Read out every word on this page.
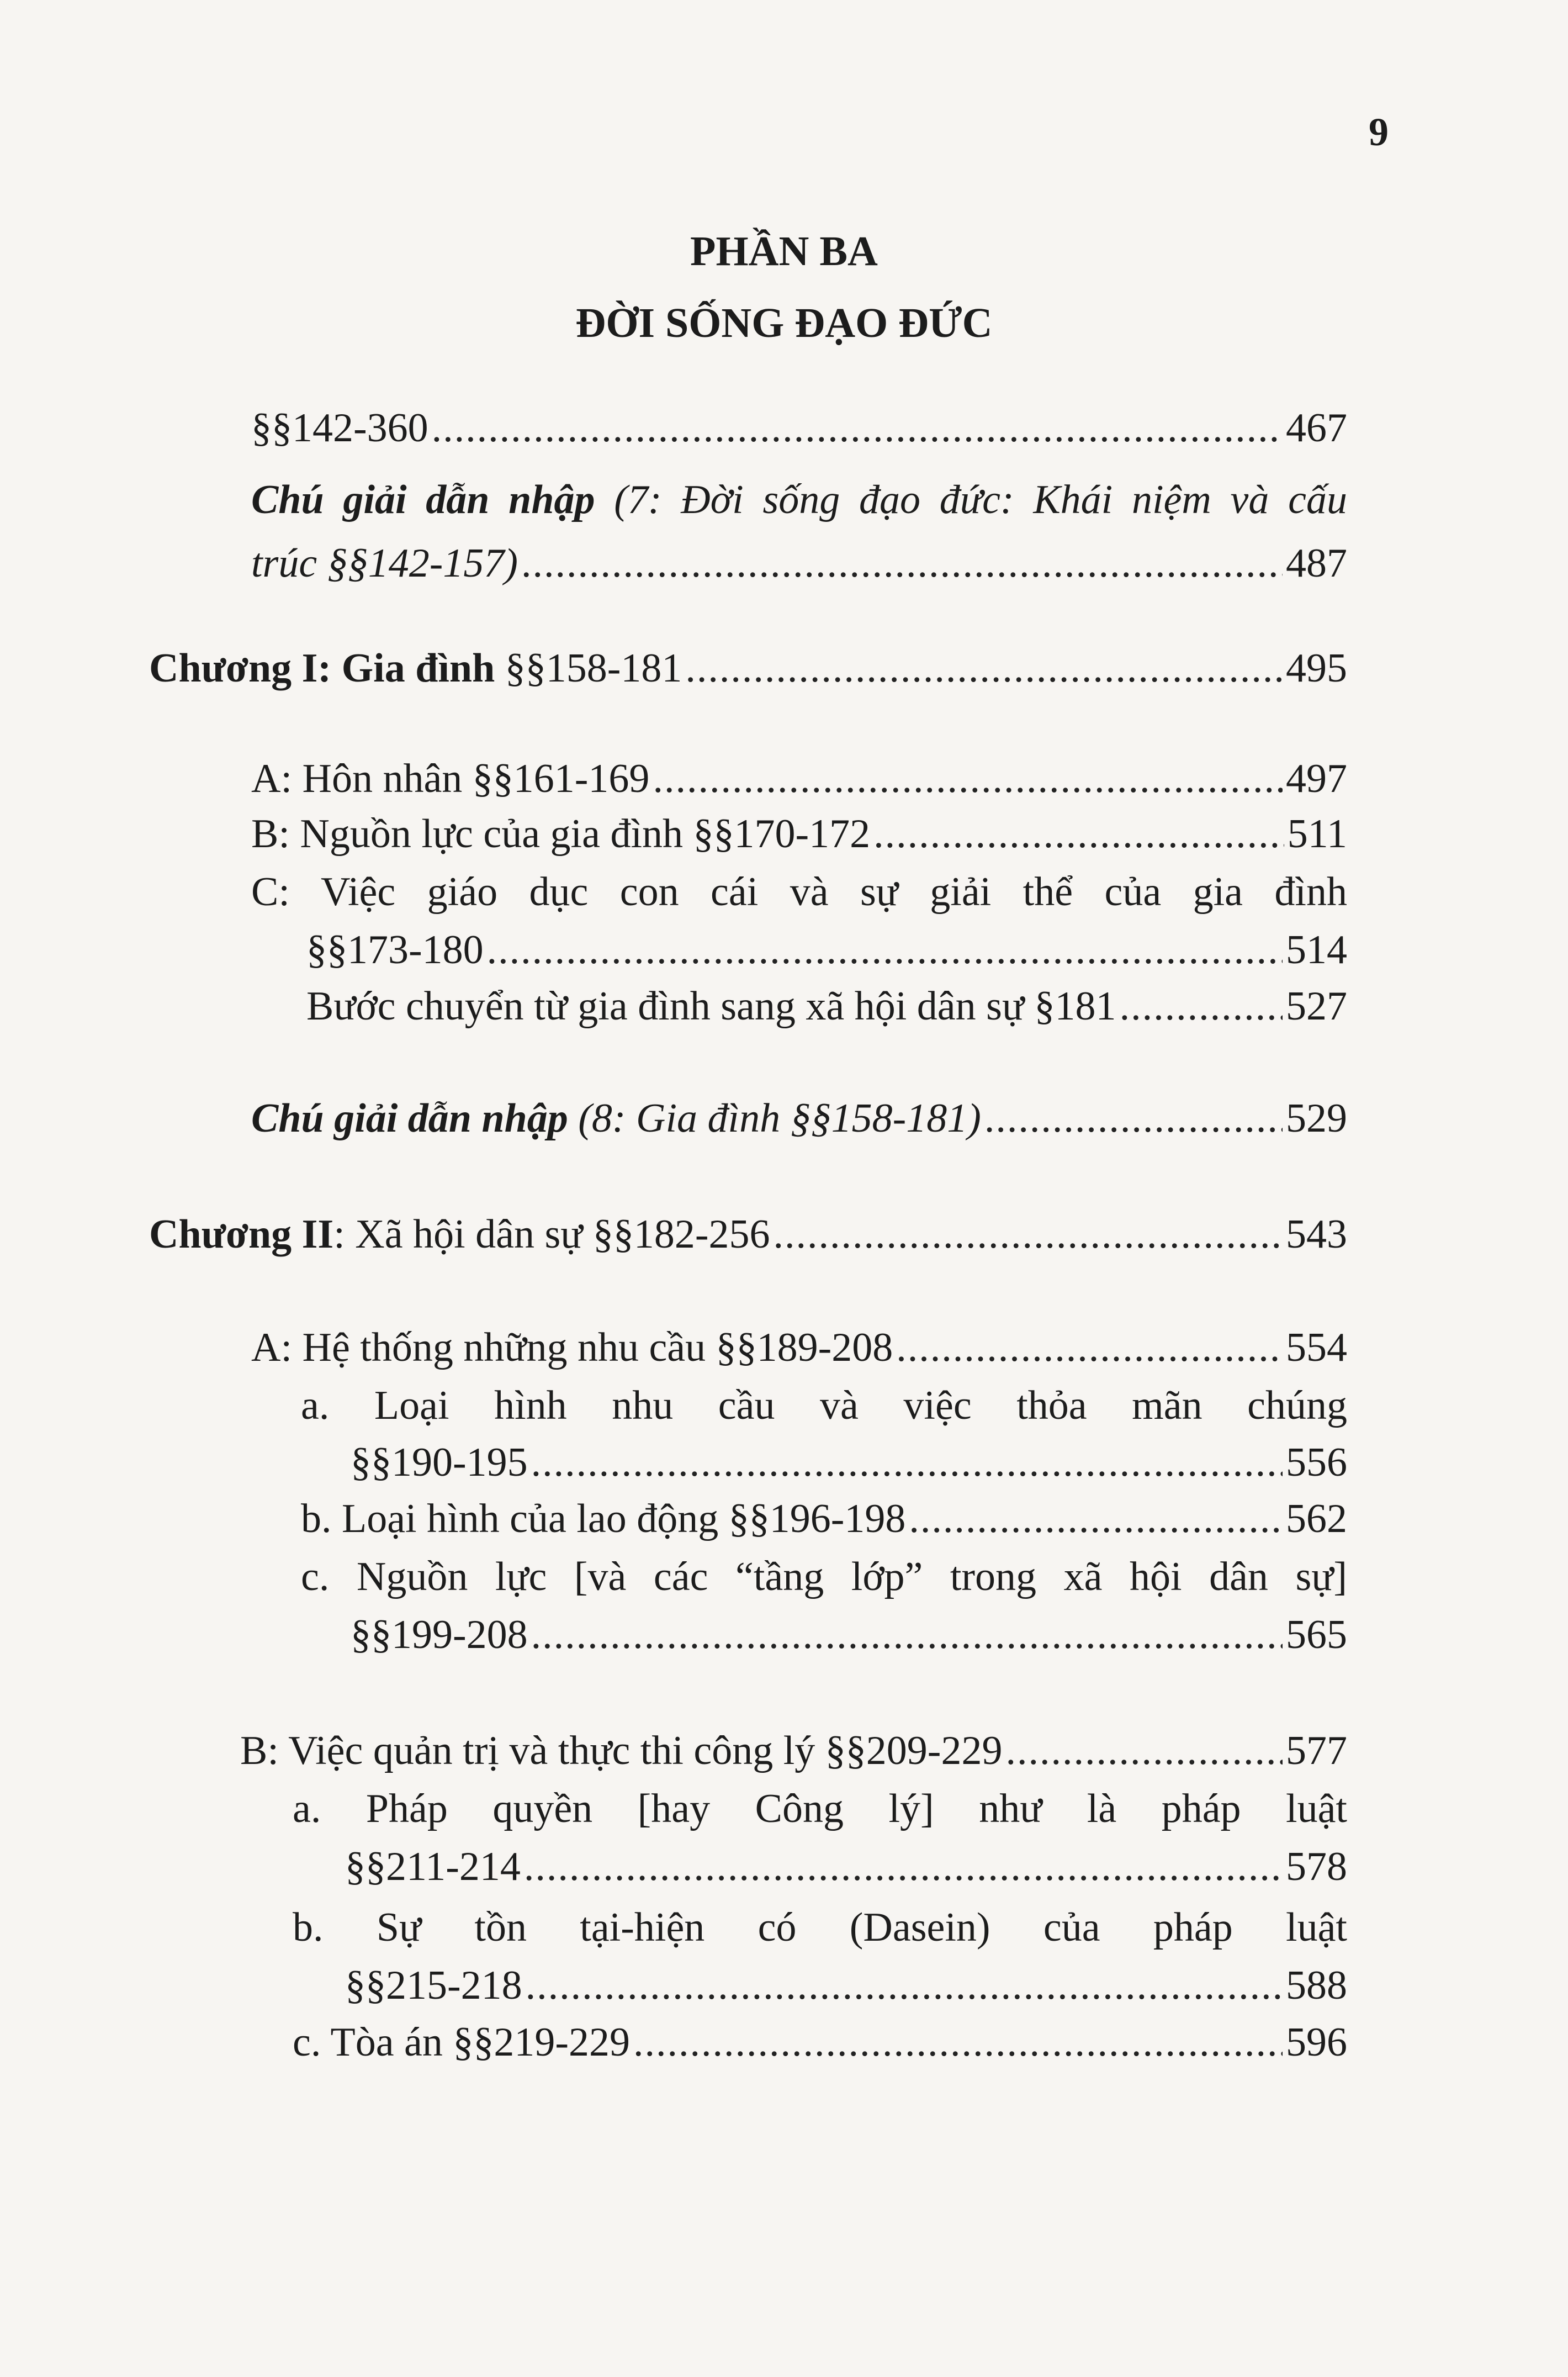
9
PHẦN BA
ĐỜI SỐNG ĐẠO ĐỨC
§§142-360 .....	467
Chú giải dẫn nhập (7: Đời sống đạo đức: Khái niệm và cấu
trúc §§142-157) .....	487
Chương I: Gia đình §§158-181 .....	495
A: Hôn nhân §§161-169 .....	497
B: Nguồn lực của gia đình §§170-172 .....	511
C: Việc giáo dục con cái và sự giải thể của gia đình
§§173-180 .....	514
Bước chuyển từ gia đình sang xã hội dân sự §181 .....	527
Chú giải dẫn nhập (8: Gia đình §§158-181) .....	529
Chương II: Xã hội dân sự §§182-256 .....	543
A: Hệ thống những nhu cầu §§189-208 .....	554
a. Loại hình nhu cầu và việc thỏa mãn chúng
§§190-195 .....	556
b. Loại hình của lao động §§196-198 .....	562
c. Nguồn lực [và các “tầng lớp” trong xã hội dân sự]
§§199-208 .....	565
B: Việc quản trị và thực thi công lý §§209-229 .....	577
a. Pháp quyền [hay Công lý] như là pháp luật
§§211-214 .....	578
b. Sự tồn tại-hiện có (Dasein) của pháp luật
§§215-218 .....	588
c. Tòa án §§219-229 .....	596
